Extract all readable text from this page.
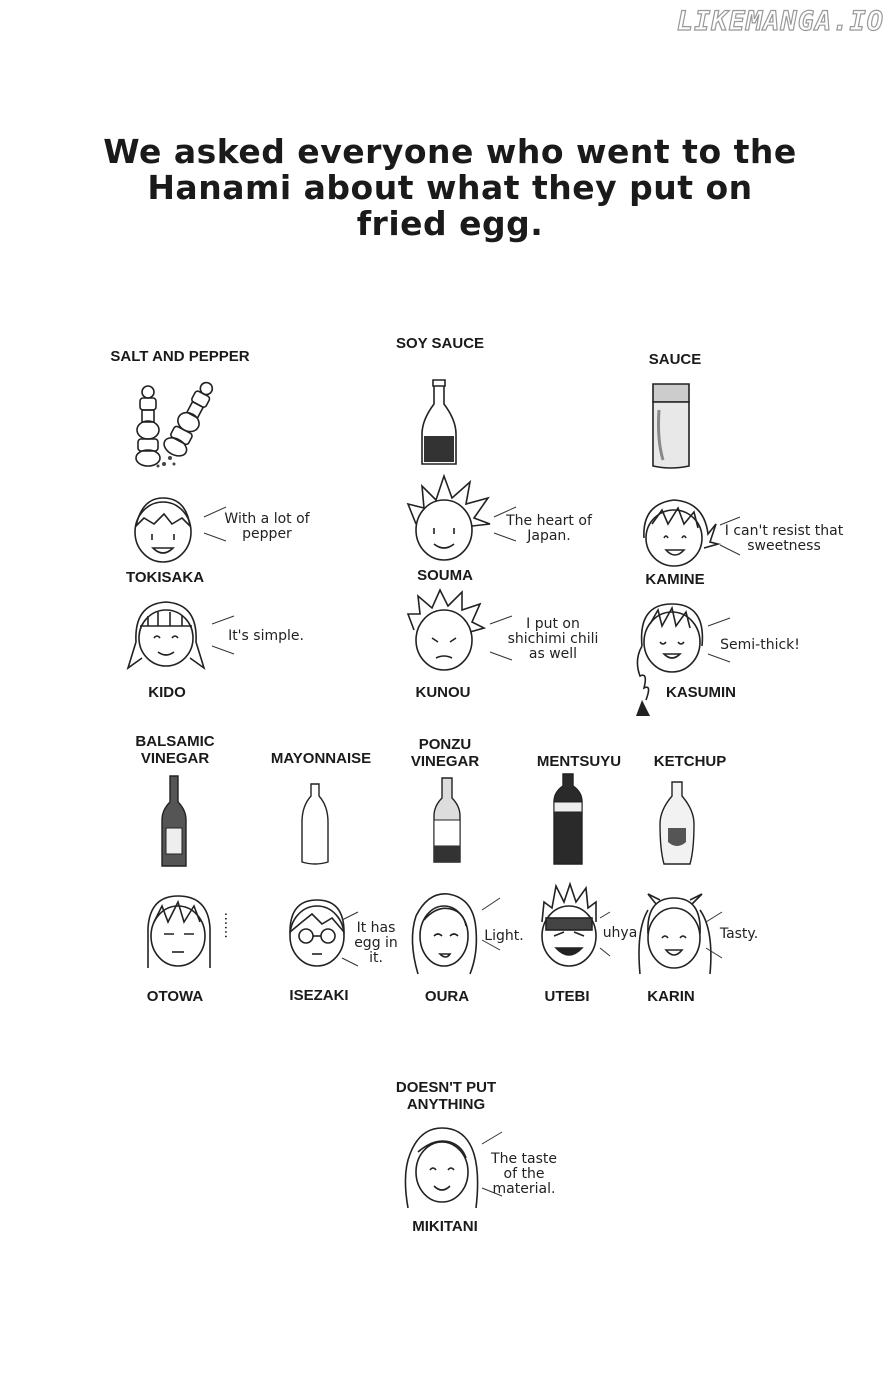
LIKEMANGA.IO
We asked everyone who went to the Hanami about what they put on fried egg.
SALT AND PEPPER
SOY SAUCE
SAUCE
With a lot of pepper
TOKISAKA
The heart of Japan.
SOUMA
I can't resist that sweetness
KAMINE
It's simple.
KIDO
I put on shichimi chili as well
KUNOU
Semi-thick!
KASUMIN
BALSAMIC VINEGAR	MAYONNAISE
PONZU VINEGAR	MENTSUYU	KETCHUP
......
OTOWA
It has egg in it.
ISEZAKI
Light.
OURA
uhya
UTEBI
Tasty.
KARIN
DOESN'T PUT ANYTHING
The taste of the material.
MIKITANI
